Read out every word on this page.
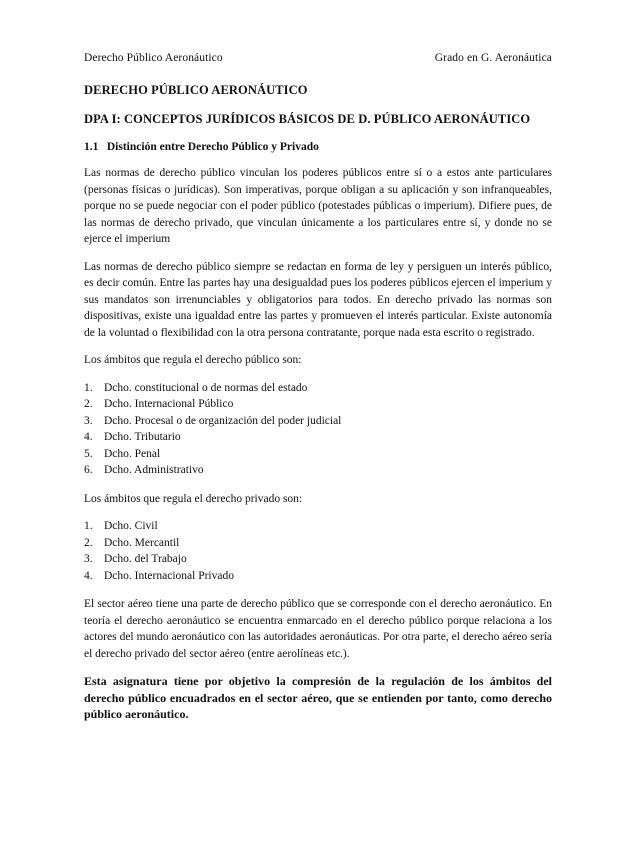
Derecho Público Aeronáutico	Grado en G. Aeronáutica
DERECHO PÚBLICO AERONÁUTICO
DPA I: CONCEPTOS JURÍDICOS BÁSICOS DE D. PÚBLICO AERONÁUTICO
1.1 Distinción entre Derecho Público y Privado

Las normas de derecho público vinculan los poderes públicos entre sí o a estos ante particulares (personas físicas o jurídicas). Son imperativas, porque obligan a su aplicación y son infranqueables, porque no se puede negociar con el poder público (potestades públicas o imperium). Difiere pues, de las normas de derecho privado, que vinculan únicamente a los particulares entre sí, y donde no se ejerce el imperium

Las normas de derecho público siempre se redactan en forma de ley y persiguen un interés público, es decir común. Entre las partes hay una desigualdad pues los poderes públicos ejercen el imperium y sus mandatos son irrenunciables y obligatorios para todos. En derecho privado las normas son dispositivas, existe una igualdad entre las partes y promueven el interés particular. Existe autonomía de la voluntad o flexibilidad con la otra persona contratante, porque nada esta escrito o registrado.

Los ámbitos que regula el derecho público son:

1. Dcho. constitucional o de normas del estado
2. Dcho. Internacional Público
3. Dcho. Procesal o de organización del poder judicial
4. Dcho. Tributario
5. Dcho. Penal
6. Dcho. Administrativo

Los ámbitos que regula el derecho privado son:

1. Dcho. Civil
2. Dcho. Mercantil
3. Dcho. del Trabajo
4. Dcho. Internacional Privado

El sector aéreo tiene una parte de derecho público que se corresponde con el derecho aeronáutico. En teoría el derecho aeronáutico se encuentra enmarcado en el derecho público porque relaciona a los actores del mundo aeronáutico con las autoridades aeronáuticas. Por otra parte, el derecho aéreo sería el derecho privado del sector aéreo (entre aerolíneas etc.).

Esta asignatura tiene por objetivo la compresión de la regulación de los ámbitos del derecho público encuadrados en el sector aéreo, que se entienden por tanto, como derecho público aeronáutico.
